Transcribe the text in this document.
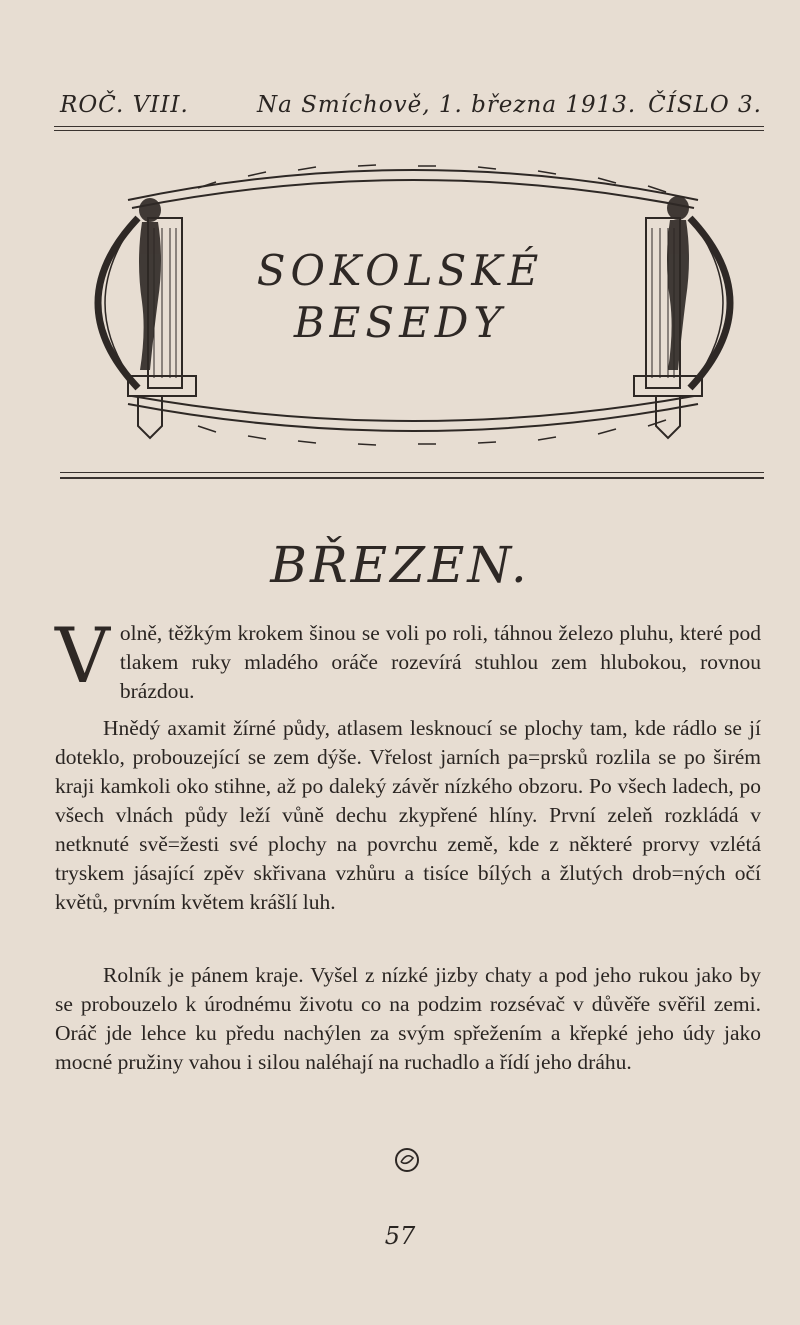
ROČ. VIII.	Na Smíchově, 1. března 1913. ČÍSLO 3.
SOKOLSKÉ
BESEDY
BŘEZEN.
V olně, těžkým krokem šinou se voli po roli, táhnou železo pluhu, které pod tlakem ruky mladého oráče rozevírá stuhlou zem hlubokou, rovnou brázdou.
Hnědý axamit žírné půdy, atlasem lesknoucí se plochy tam, kde rádlo se jí doteklo, probouzející se zem dýše. Vřelost jarních pa=prsků rozlila se po širém kraji kamkoli oko stihne, až po daleký závěr nízkého obzoru. Po všech ladech, po všech vlnách půdy leží vůně dechu zkypřené hlíny. První zeleň rozkládá v netknuté svě=žesti své plochy na povrchu země, kde z některé prorvy vzlétá tryskem jásající zpěv skřivana vzhůru a tisíce bílých a žlutých drob=ných očí květů, prvním květem krášlí luh.
Rolník je pánem kraje. Vyšel z nízké jizby chaty a pod jeho rukou jako by se probouzelo k úrodnému životu co na podzim rozsévač v důvěře svěřil zemi. Oráč jde lehce ku předu nachýlen za svým spřežením a křepké jeho údy jako mocné pružiny vahou i silou naléhají na ruchadlo a řídí jeho dráhu.
57
